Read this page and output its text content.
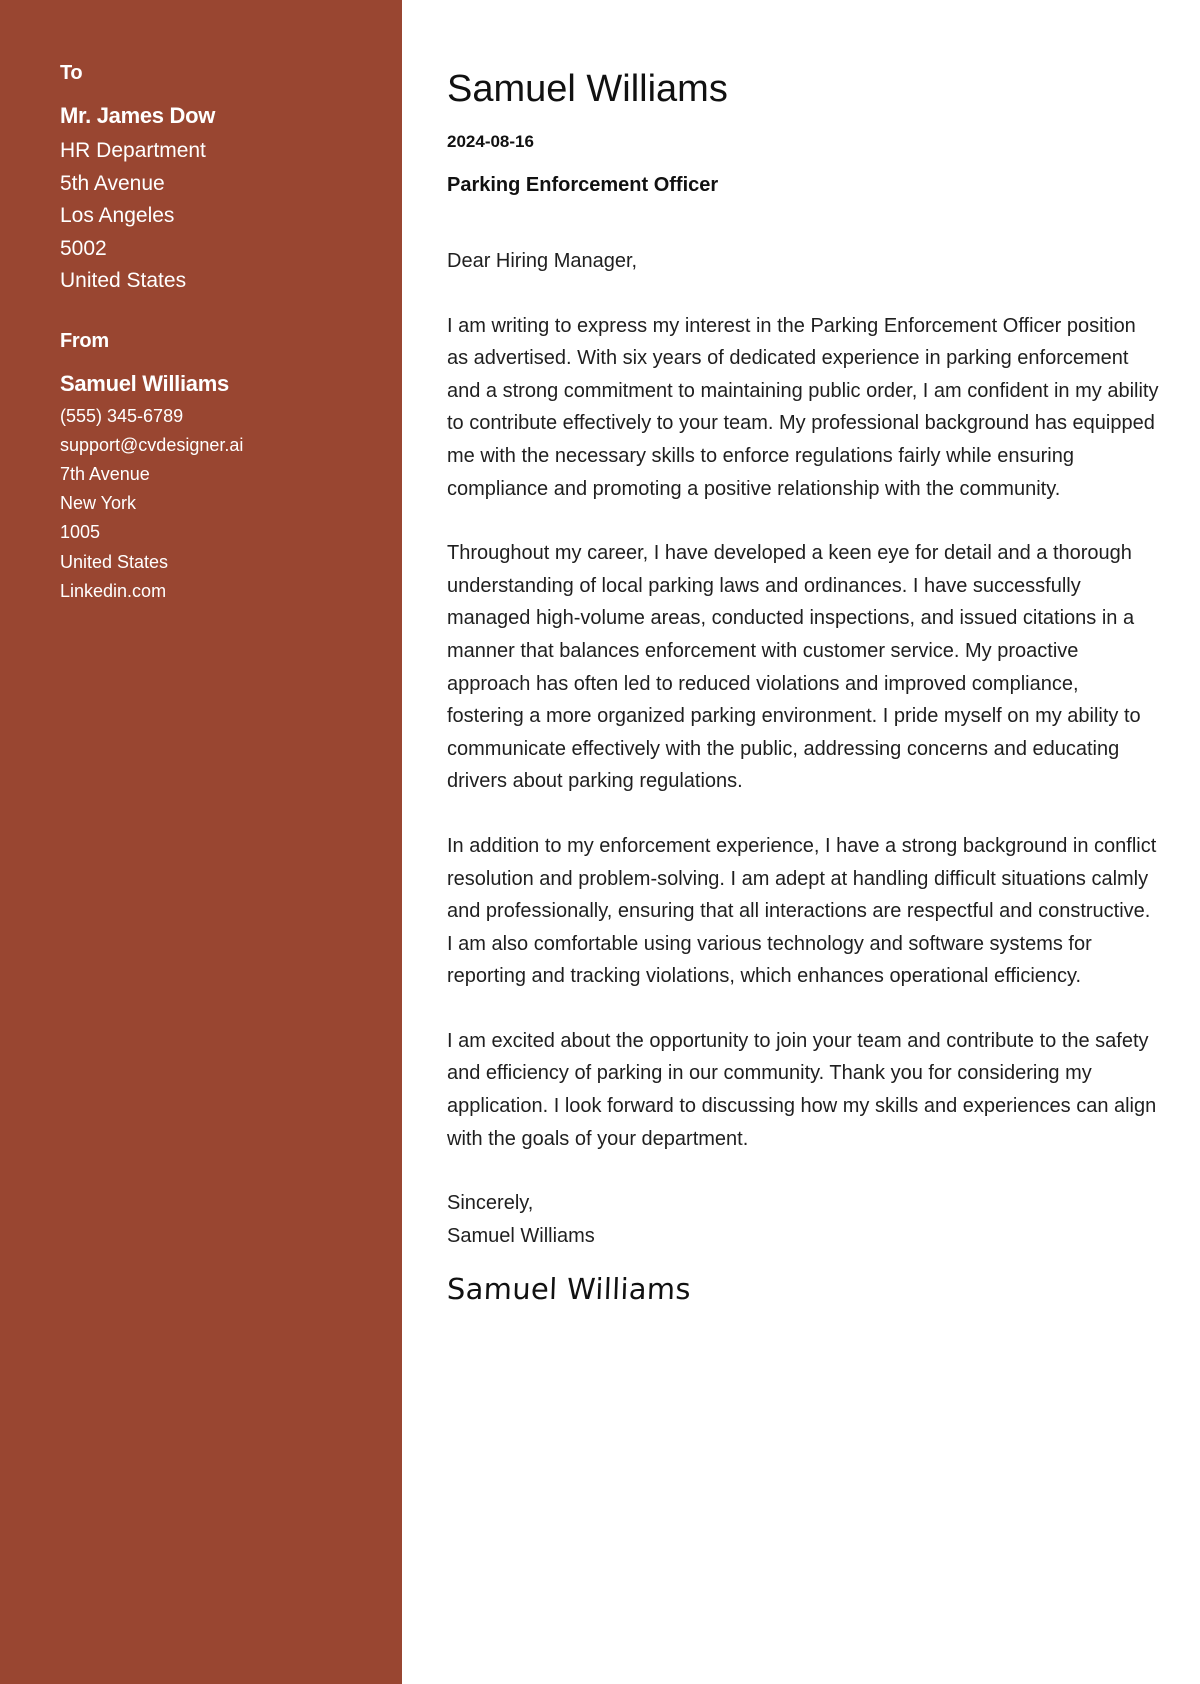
To
Mr. James Dow
HR Department
5th Avenue
Los Angeles
5002
United States
From
Samuel Williams
(555) 345-6789
support@cvdesigner.ai
7th Avenue
New York
1005
United States
Linkedin.com
Samuel Williams
2024-08-16
Parking Enforcement Officer
Dear Hiring Manager,

I am writing to express my interest in the Parking Enforcement Officer position as advertised. With six years of dedicated experience in parking enforcement and a strong commitment to maintaining public order, I am confident in my ability to contribute effectively to your team. My professional background has equipped me with the necessary skills to enforce regulations fairly while ensuring compliance and promoting a positive relationship with the community.

Throughout my career, I have developed a keen eye for detail and a thorough understanding of local parking laws and ordinances. I have successfully managed high-volume areas, conducted inspections, and issued citations in a manner that balances enforcement with customer service. My proactive approach has often led to reduced violations and improved compliance, fostering a more organized parking environment. I pride myself on my ability to communicate effectively with the public, addressing concerns and educating drivers about parking regulations.

In addition to my enforcement experience, I have a strong background in conflict resolution and problem-solving. I am adept at handling difficult situations calmly and professionally, ensuring that all interactions are respectful and constructive. I am also comfortable using various technology and software systems for reporting and tracking violations, which enhances operational efficiency.

I am excited about the opportunity to join your team and contribute to the safety and efficiency of parking in our community. Thank you for considering my application. I look forward to discussing how my skills and experiences can align with the goals of your department.

Sincerely,
Samuel Williams
Samuel Williams
